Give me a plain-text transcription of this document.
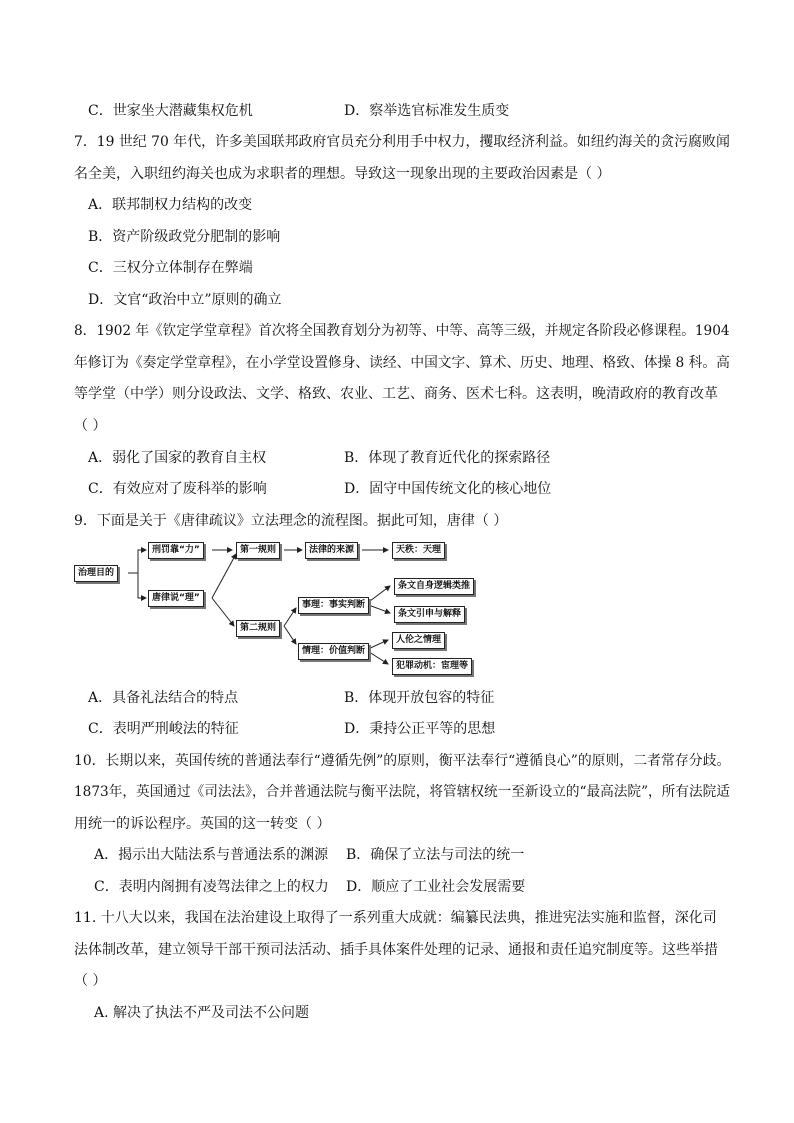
C．世家坐大潜藏集权危机	D．察举选官标准发生质变
7．19 世纪 70 年代，许多美国联邦政府官员充分利用手中权力，攫取经济利益。如纽约海关的贪污腐败闻
名全美，入职纽约海关也成为求职者的理想。导致这一现象出现的主要政治因素是（ ）
A．联邦制权力结构的改变
B．资产阶级政党分肥制的影响
C．三权分立体制存在弊端
D．文官“政治中立”原则的确立
8．1902 年《钦定学堂章程》首次将全国教育划分为初等、中等、高等三级，并规定各阶段必修课程。1904
年修订为《奏定学堂章程》，在小学堂设置修身、读经、中国文字、算术、历史、地理、格致、体操 8 科。高
等学堂（中学）则分设政法、文学、格致、农业、工艺、商务、医术七科。这表明，晚清政府的教育改革
（ ）
A．弱化了国家的教育自主权	B．体现了教育近代化的探索路径
C．有效应对了废科举的影响	D．固守中国传统文化的核心地位
9．下面是关于《唐律疏议》立法理念的流程图。据此可知，唐律（ ）
治理目的
刑罚靠“力”
唐律说“理”
第一规则	法律的来源	天秩：天理
第二规则
事理：事实判断
条文自身逻辑类推
条文引申与解释
情理：价值判断
人伦之情理
犯罪动机：宦理等
A．具备礼法结合的特点	B．体现开放包容的特征
C．表明严刑峻法的特征	D．秉持公正平等的思想
10．长期以来，英国传统的普通法奉行“遵循先例”的原则，衡平法奉行“遵循良心”的原则，二者常存分歧。
1873年，英国通过《司法法》，合并普通法院与衡平法院，将管辖权统一至新设立的“最高法院”，所有法院适
用统一的诉讼程序。英国的这一转变（ ）
A．揭示出大陆法系与普通法系的渊源 B．确保了立法与司法的统一
C．表明内阁拥有凌驾法律之上的权力 D．顺应了工业社会发展需要
11. 十八大以来，我国在法治建设上取得了一系列重大成就：编纂民法典，推进宪法实施和监督，深化司
法体制改革，建立领导干部干预司法活动、插手具体案件处理的记录、通报和责任追究制度等。这些举措
（ ）
A. 解决了执法不严及司法不公问题
